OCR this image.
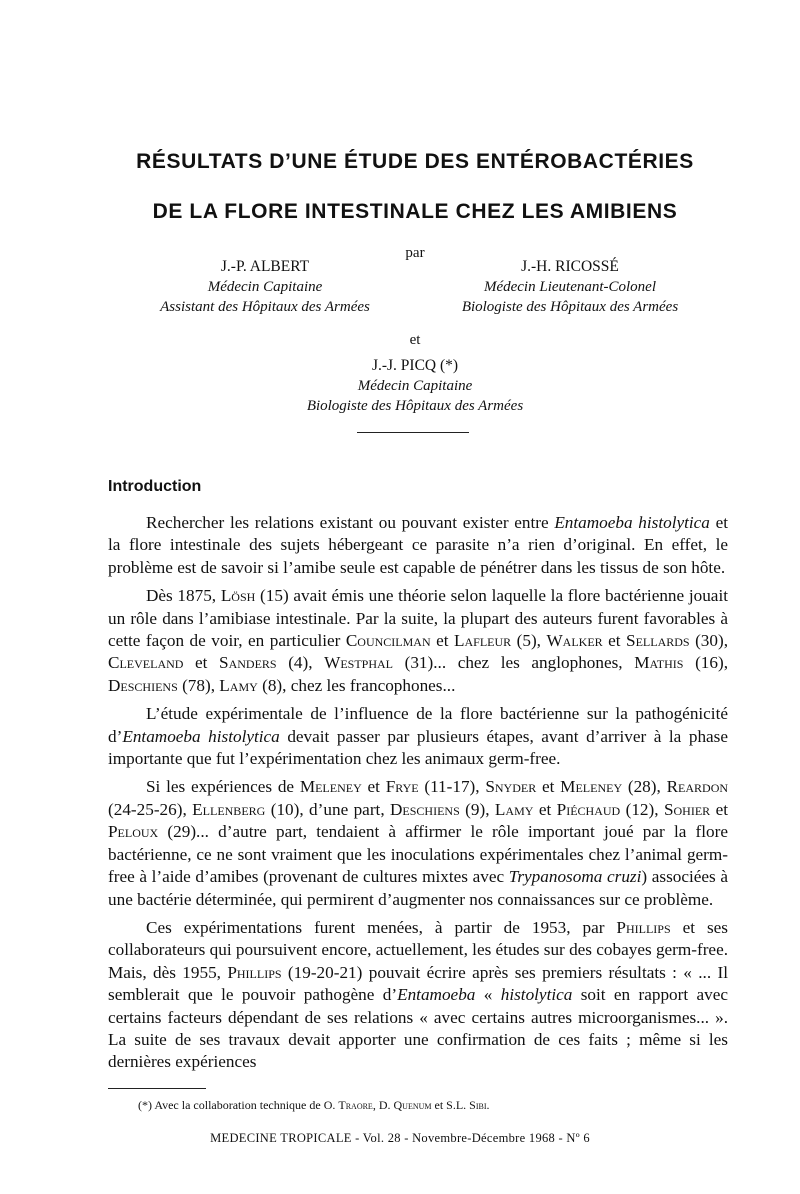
RÉSULTATS D’UNE ÉTUDE DES ENTÉROBACTÉRIES
DE LA FLORE INTESTINALE CHEZ LES AMIBIENS
par
J.-P. ALBERT
Médecin Capitaine
Assistant des Hôpitaux des Armées
J.-H. RICOSSÉ
Médecin Lieutenant-Colonel
Biologiste des Hôpitaux des Armées
et
J.-J. PICQ (*)
Médecin Capitaine
Biologiste des Hôpitaux des Armées
Introduction

Rechercher les relations existant ou pouvant exister entre Entamoeba histolytica et la flore intestinale des sujets hébergeant ce parasite n’a rien d’original. En effet, le problème est de savoir si l’amibe seule est capable de pénétrer dans les tissus de son hôte.

Dès 1875, Lösh (15) avait émis une théorie selon laquelle la flore bactérienne jouait un rôle dans l’amibiase intestinale. Par la suite, la plupart des auteurs furent favorables à cette façon de voir, en particulier Councilman et Lafleur (5), Walker et Sellards (30), Cleveland et Sanders (4), Westphal (31)... chez les anglophones, Mathis (16), Deschiens (78), Lamy (8), chez les francophones...

L’étude expérimentale de l’influence de la flore bactérienne sur la pathogénicité d’Entamoeba histolytica devait passer par plusieurs étapes, avant d’arriver à la phase importante que fut l’expérimentation chez les animaux germ-free.

Si les expériences de Meleney et Frye (11-17), Snyder et Meleney (28), Reardon (24-25-26), Ellenberg (10), d’une part, Deschiens (9), Lamy et Piéchaud (12), Sohier et Peloux (29)... d’autre part, tendaient à affirmer le rôle important joué par la flore bactérienne, ce ne sont vraiment que les inoculations expérimentales chez l’animal germ-free à l’aide d’amibes (provenant de cultures mixtes avec Trypanosoma cruzi) associées à une bactérie déterminée, qui permirent d’augmenter nos connaissances sur ce problème.

Ces expérimentations furent menées, à partir de 1953, par Phillips et ses collaborateurs qui poursuivent encore, actuellement, les études sur des cobayes germ-free. Mais, dès 1955, Phillips (19-20-21) pouvait écrire après ses premiers résultats : « ... Il semblerait que le pouvoir pathogène d’Entamoeba « histolytica soit en rapport avec certains facteurs dépendant de ses relations « avec certains autres microorganismes... ». La suite de ses travaux devait apporter une confirmation de ces faits ; même si les dernières expériences

(*) Avec la collaboration technique de O. Traore, D. Quenum et S.L. Sibi.
MEDECINE TROPICALE - Vol. 28 - Novembre-Décembre 1968 - Nº 6
